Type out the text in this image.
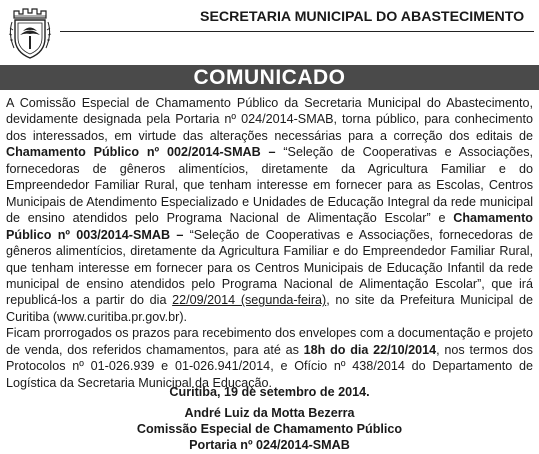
SECRETARIA MUNICIPAL DO ABASTECIMENTO
COMUNICADO

A Comissão Especial de Chamamento Público da Secretaria Municipal do Abastecimento, devidamente designada pela Portaria nº 024/2014-SMAB, torna público, para conhecimento dos interessados, em virtude das alterações necessárias para a correção dos editais de Chamamento Público nº 002/2014-SMAB – “Seleção de Cooperativas e Associações, fornecedoras de gêneros alimentícios, diretamente da Agricultura Familiar e do Empreendedor Familiar Rural, que tenham interesse em fornecer para as Escolas, Centros Municipais de Atendimento Especializado e Unidades de Educação Integral da rede municipal de ensino atendidos pelo Programa Nacional de Alimentação Escolar” e Chamamento Público nº 003/2014-SMAB – “Seleção de Cooperativas e Associações, fornecedoras de gêneros alimentícios, diretamente da Agricultura Familiar e do Empreendedor Familiar Rural, que tenham interesse em fornecer para os Centros Municipais de Educação Infantil da rede municipal de ensino atendidos pelo Programa Nacional de Alimentação Escolar”, que irá republicá-los a partir do dia 22/09/2014 (segunda-feira), no site da Prefeitura Municipal de Curitiba (www.curitiba.pr.gov.br).

Ficam prorrogados os prazos para recebimento dos envelopes com a documentação e projeto de venda, dos referidos chamamentos, para até as 18h do dia 22/10/2014, nos termos dos Protocolos nº 01-026.939 e 01-026.941/2014, e Ofício nº 438/2014 do Departamento de Logística da Secretaria Municipal da Educação.

Curitiba, 19 de setembro de 2014.
André Luiz da Motta Bezerra
Comissão Especial de Chamamento Público
Portaria nº 024/2014-SMAB
